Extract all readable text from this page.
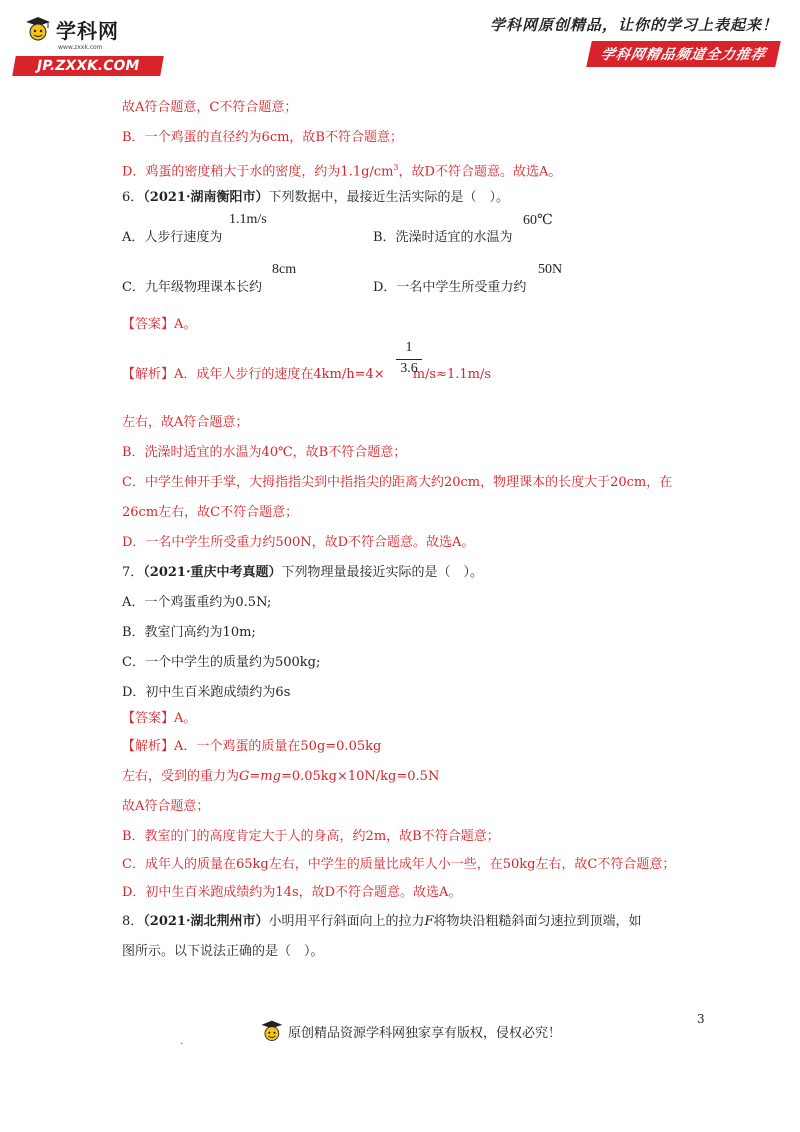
学科网
www.zxxk.com
JP.ZXXK.COM
学科网原创精品，让你的学习上表起来！
学科网精品频道全力推荐
故A符合题意，C不符合题意；
B．一个鸡蛋的直径约为6cm，故B不符合题意；
D．鸡蛋的密度稍大于水的密度，约为$1.1g/cm^3$，故D不符合题意。故选A。
6．（2021·湖南衡阳市）下列数据中，最接近生活实际的是（　）。
A．人步行速度为
1.1m/s
B．洗澡时适宜的水温为
60℃
C．九年级物理课本长约
8cm
D．一名中学生所受重力约
50N
【答案】A。
【解析】A．成年人步行的速度在4km/h=4× m/s≈1.1m/s
1
3.6
左右，故A符合题意；
B．洗澡时适宜的水温为40℃，故B不符合题意；
C．中学生伸开手掌，大拇指指尖到中指指尖的距离大约20cm，物理课本的长度大于20cm，在
26cm左右，故C不符合题意；
D．一名中学生所受重力约500N，故D不符合题意。故选A。
7．（2021·重庆中考真题）下列物理量最接近实际的是（　）。
A．一个鸡蛋重约为0.5N;
B．教室门高约为10m;
C．一个中学生的质量约为500kg;
D．初中生百米跑成绩约为6s
【答案】A。
【解析】A．一个鸡蛋的质量在50g=0.05kg
左右，受到的重力为G=mg=0.05kg×10N/kg=0.5N
故A符合题意；
B．教室的门的高度肯定大于人的身高，约2m，故B不符合题意；
C．成年人的质量在65kg左右，中学生的质量比成年人小一些，在50kg左右，故C不符合题意；
D．初中生百米跑成绩约为14s，故D不符合题意。故选A。
8．（2021·湖北荆州市）小明用平行斜面向上的拉力F将物块沿粗糙斜面匀速拉到顶端，如
图所示。以下说法正确的是（　）。
3
.
原创精品资源学科网独家享有版权，侵权必究！
